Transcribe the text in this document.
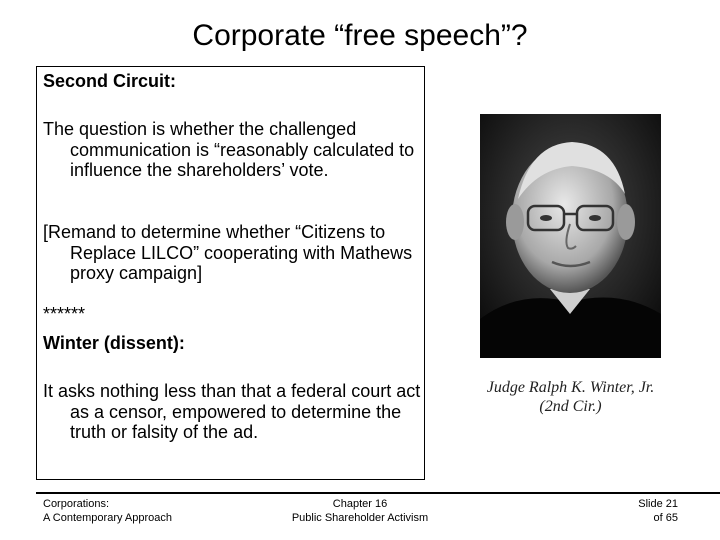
Corporate “free speech”?

Second Circuit:

The question is whether the challenged communication is “reasonably calculated to influence the shareholders’ vote.

[Remand to determine whether “Citizens to Replace LILCO” cooperating with Mathews proxy campaign]

******

Winter (dissent):

It asks nothing less than that a federal court act as a censor, empowered to determine the truth or falsity of the ad.

Judge Ralph K. Winter, Jr.
(2nd Cir.)
Corporations:
A Contemporary Approach
Chapter 16
Public Shareholder Activism
Slide 21
of 65
